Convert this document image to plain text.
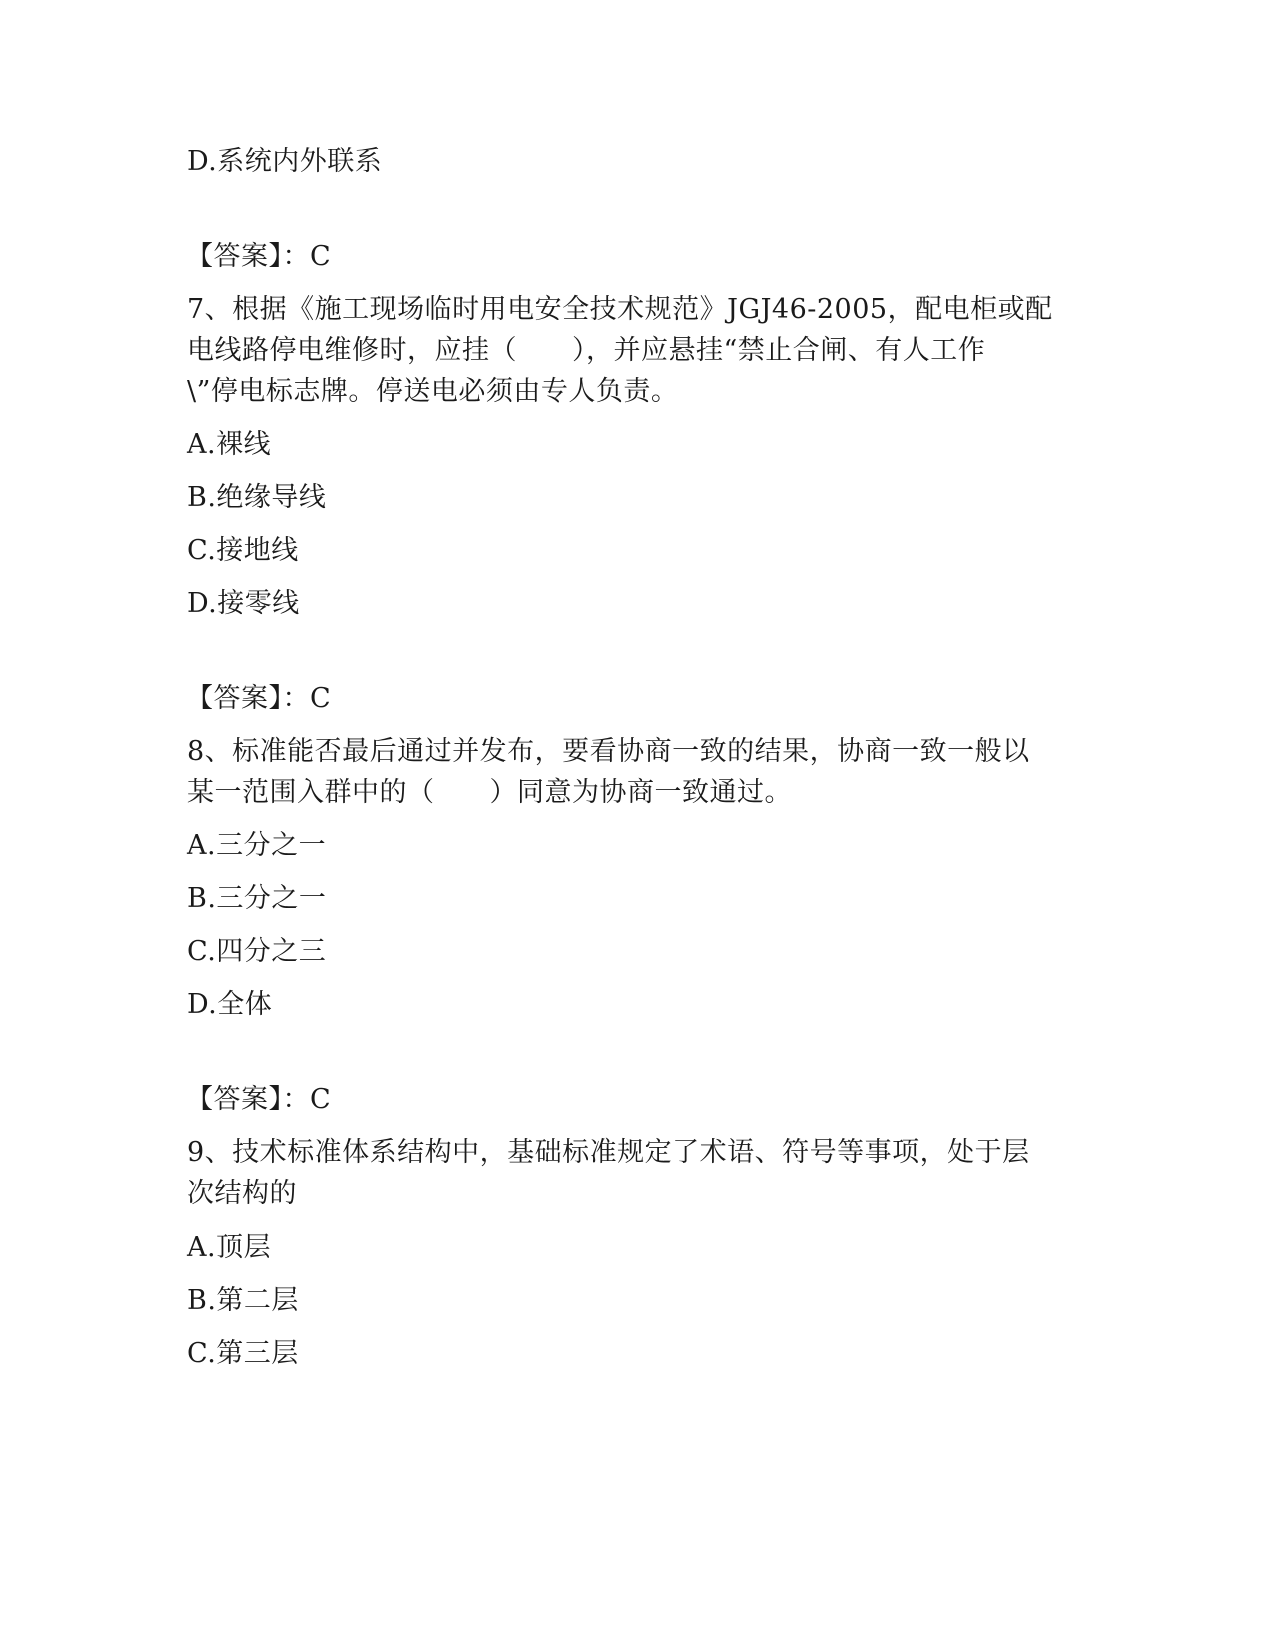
D.系统内外联系
【答案】：C
7、根据《施工现场临时用电安全技术规范》JGJ46-2005，配电柜或配
电线路停电维修时，应挂（　　），并应悬挂“禁止合闸、有人工作
\”停电标志牌。停送电必须由专人负责。
A.裸线
B.绝缘导线
C.接地线
D.接零线
【答案】：C
8、标准能否最后通过并发布，要看协商一致的结果，协商一致一般以
某一范围入群中的（　　）同意为协商一致通过。
A.三分之一
B.三分之一
C.四分之三
D.全体
【答案】：C
9、技术标准体系结构中，基础标准规定了术语、符号等事项，处于层
次结构的
A.顶层
B.第二层
C.第三层
